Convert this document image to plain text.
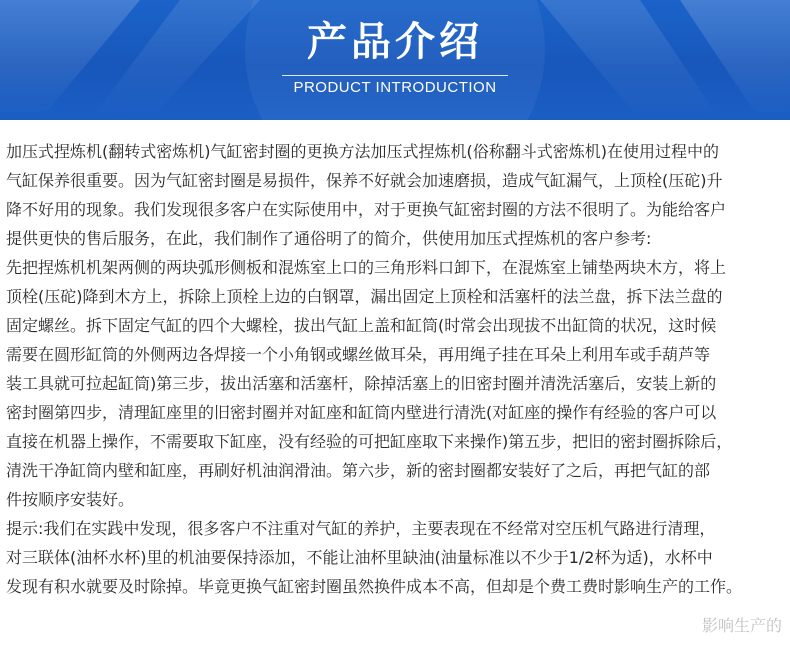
产品介绍
PRODUCT INTRODUCTION
加压式捏炼机(翻转式密炼机)气缸密封圈的更换方法加压式捏炼机(俗称翻斗式密炼机)在使用过程中的
气缸保养很重要。因为气缸密封圈是易损件，保养不好就会加速磨损，造成气缸漏气，上顶栓(压砣)升
降不好用的现象。我们发现很多客户在实际使用中，对于更换气缸密封圈的方法不很明了。为能给客户
提供更快的售后服务，在此，我们制作了通俗明了的简介，供使用加压式捏炼机的客户参考:
先把捏炼机机架两侧的两块弧形侧板和混炼室上口的三角形料口卸下，在混炼室上铺垫两块木方，将上
顶栓(压砣)降到木方上，拆除上顶栓上边的白钢罩，漏出固定上顶栓和活塞杆的法兰盘，拆下法兰盘的
固定螺丝。拆下固定气缸的四个大螺栓，拔出气缸上盖和缸筒(时常会出现拔不出缸筒的状况，这时候
需要在圆形缸筒的外侧两边各焊接一个小角钢或螺丝做耳朵，再用绳子挂在耳朵上利用车或手葫芦等
装工具就可拉起缸筒)第三步，拔出活塞和活塞杆，除掉活塞上的旧密封圈并清洗活塞后，安装上新的
密封圈第四步，清理缸座里的旧密封圈并对缸座和缸筒内壁进行清洗(对缸座的操作有经验的客户可以
直接在机器上操作，不需要取下缸座，没有经验的可把缸座取下来操作)第五步，把旧的密封圈拆除后，
清洗干净缸筒内壁和缸座，再刷好机油润滑油。第六步，新的密封圈都安装好了之后，再把气缸的部
件按顺序安装好。
提示:我们在实践中发现，很多客户不注重对气缸的养护，主要表现在不经常对空压机气路进行清理，
对三联体(油杯水杯)里的机油要保持添加，不能让油杯里缺油(油量标准以不少于1/2杯为适)，水杯中
发现有积水就要及时除掉。毕竟更换气缸密封圈虽然换件成本不高，但却是个费工费时影响生产的工作。
影响生产的
